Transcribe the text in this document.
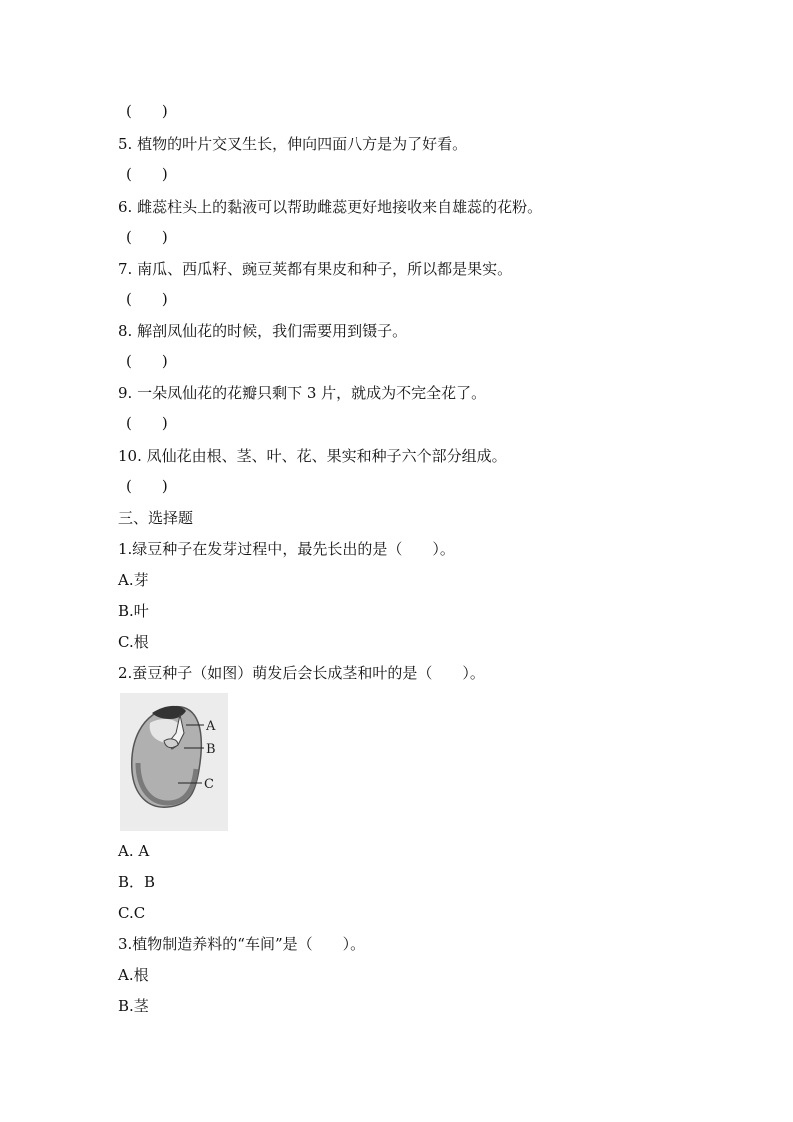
(　　)
5. 植物的叶片交叉生长，伸向四面八方是为了好看。
(　　)
6. 雌蕊柱头上的黏液可以帮助雌蕊更好地接收来自雄蕊的花粉。
(　　)
7. 南瓜、西瓜籽、豌豆荚都有果皮和种子，所以都是果实。
(　　)
8. 解剖凤仙花的时候，我们需要用到镊子。
(　　)
9. 一朵凤仙花的花瓣只剩下 3 片，就成为不完全花了。
(　　)
10. 凤仙花由根、茎、叶、花、果实和种子六个部分组成。
(　　)
三、选择题
1.绿豆种子在发芽过程中，最先长出的是（　　）。
A.芽
B.叶
C.根
2.蚕豆种子（如图）萌发后会长成茎和叶的是（　　）。
A
B
C
A. A
B．B
C.C
3.植物制造养料的“车间”是（　　）。
A.根
B.茎
